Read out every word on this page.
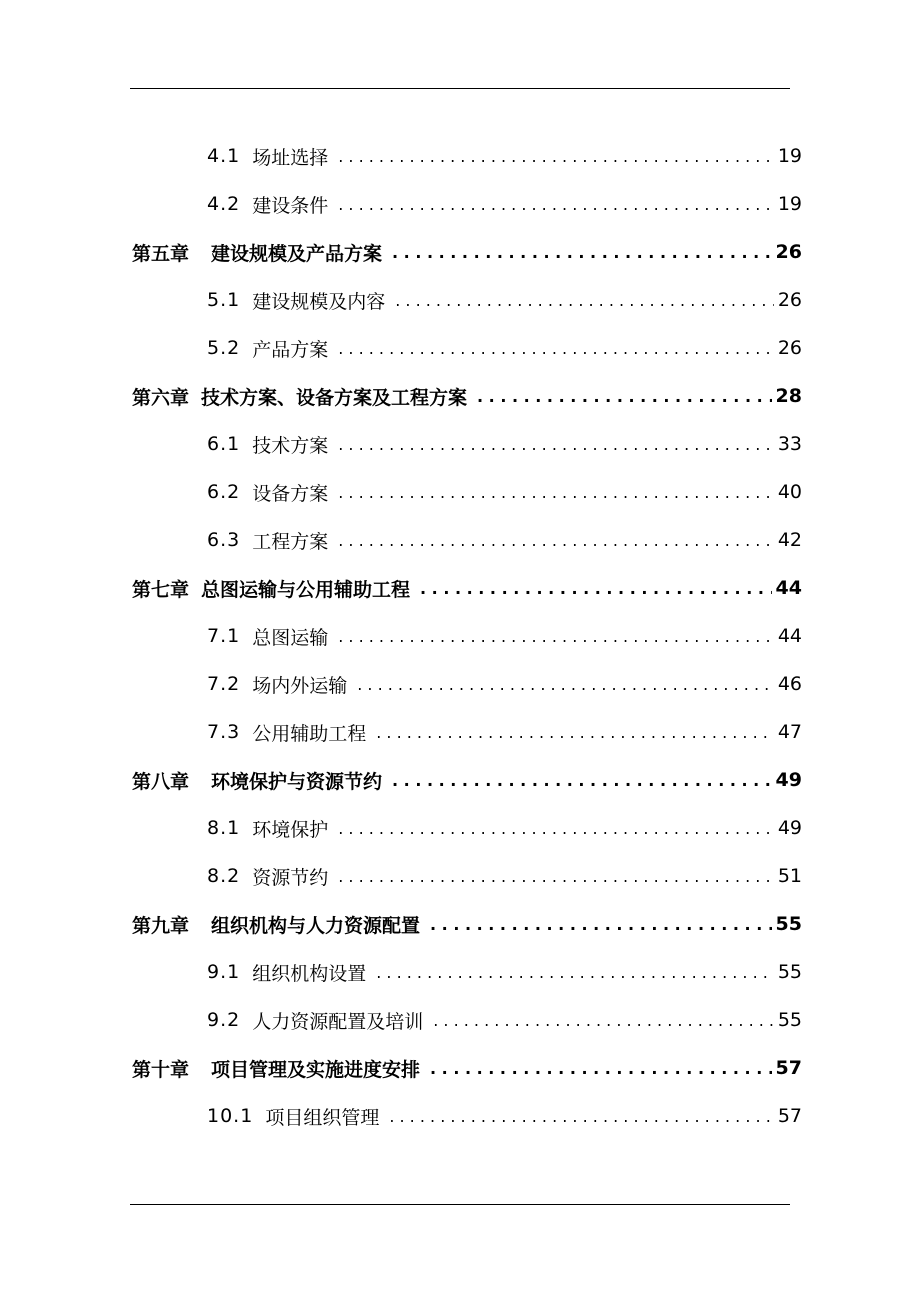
4.1 场址选择 . . .	19
4.2 建设条件 . . .	19
第五章 建设规模及产品方案 . . .	26
5.1 建设规模及内容 . . .	26
5.2 产品方案 . . .	26
第六章 技术方案、设备方案及工程方案 . . .	28
6.1 技术方案 . . .	33
6.2 设备方案 . . .	40
6.3 工程方案 . . .	42
第七章 总图运输与公用辅助工程 . . .	44
7.1 总图运输 . . .	44
7.2 场内外运输 . . .	46
7.3 公用辅助工程 . . .	47
第八章 环境保护与资源节约 . . .	49
8.1 环境保护 . . .	49
8.2 资源节约 . . .	51
第九章 组织机构与人力资源配置 . . .	55
9.1 组织机构设置 . . .	55
9.2 人力资源配置及培训 . . .	55
第十章 项目管理及实施进度安排 . . .	57
10.1 项目组织管理 . . .	57
